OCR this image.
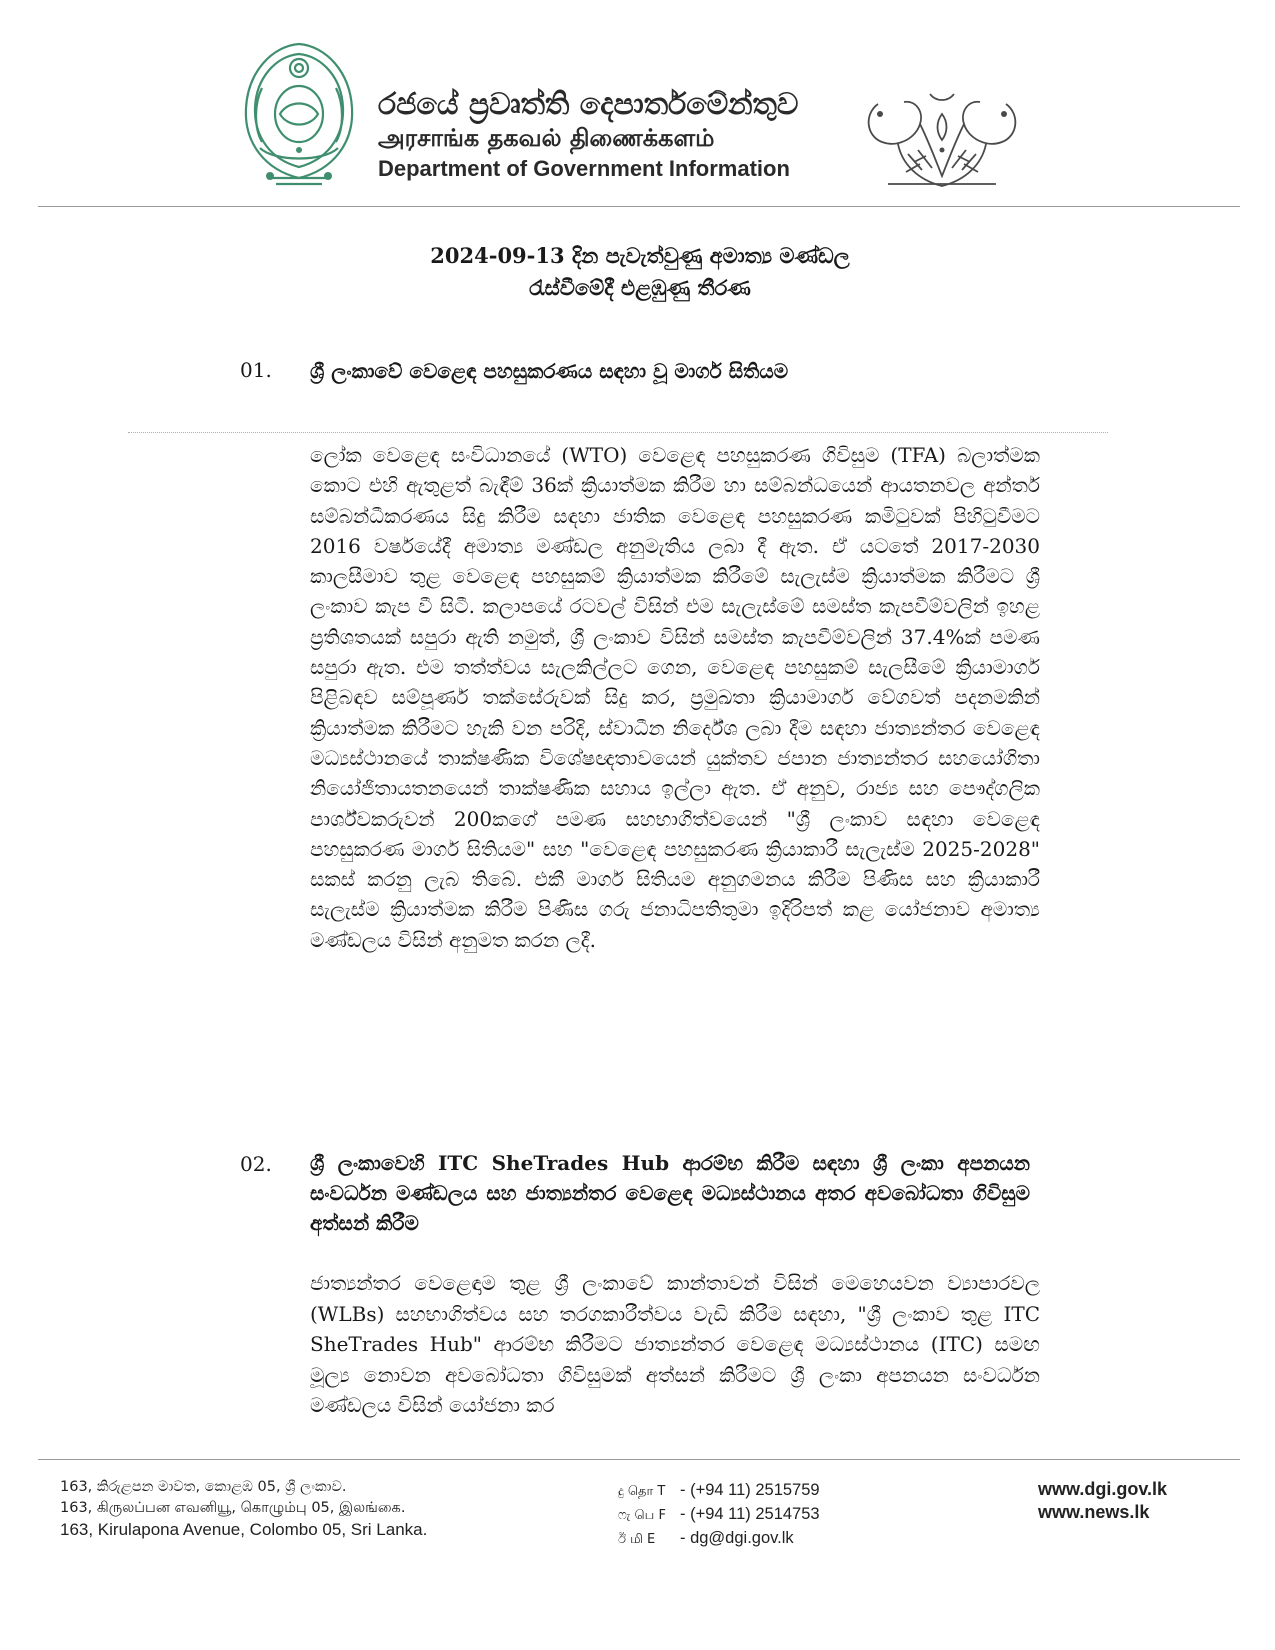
රජයේ ප්‍රවෘත්ති දෙපාර්තමේන්තුව
அரசாங்க தகவல் திணைக்களம்
Department of Government Information
2024-09-13 දින පැවැත්වුණු අමාත්‍ය මණ්ඩල
රැස්වීමේදී එළඹුණු තීරණ
01. ශ්‍රී ලංකාවේ වෙළෙඳ පහසුකරණය සඳහා වූ මාර්ග සිතියම
ලෝක වෙළෙඳ සංවිධානයේ (WTO) වෙළෙඳ පහසුකරණ ගිවිසුම (TFA) බලාත්මක කොට එහි ඇතුළත් බැඳීම් 36ක් ක්‍රියාත්මක කිරීම හා සම්බන්ධයෙන් ආයතනවල අන්තර් සම්බන්ධීකරණය සිදු කිරීම සඳහා ජාතික වෙළෙඳ පහසුකරණ කමිටුවක් පිහිටුවීමට 2016 වර්ෂයේදී අමාත්‍ය මණ්ඩල අනුමැතිය ලබා දී ඇත. ඒ යටතේ 2017-2030 කාලසීමාව තුළ වෙළෙඳ පහසුකම් ක්‍රියාත්මක කිරීමේ සැලැස්ම ක්‍රියාත්මක කිරීමට ශ්‍රී ලංකාව කැප වී සිටී. කලාපයේ රටවල් විසින් එම සැලැස්මේ සමස්ත කැපවීම්වලින් ඉහළ ප්‍රතිශතයක් සපුරා ඇති නමුත්, ශ්‍රී ලංකාව විසින් සමස්ත කැපවීම්වලින් 37.4%ක් පමණ සපුරා ඇත. එම තත්ත්වය සැලකිල්ලට ගෙන, වෙළෙඳ පහසුකම් සැලසීමේ ක්‍රියාමාර්ග පිළිබඳව සම්පූර්ණ තක්සේරුවක් සිදු කර, ප්‍රමුඛතා ක්‍රියාමාර්ග වේගවත් පදනමකින් ක්‍රියාත්මක කිරීමට හැකි වන පරිදි, ස්වාධීන නිර්දේශ ලබා දීම සඳහා ජාත්‍යන්තර වෙළෙඳ මධ්‍යස්ථානයේ තාක්ෂණික විශේෂඥතාවයෙන් යුක්තව ජපාන ජාත්‍යන්තර සහයෝගිතා නියෝජිතායතනයෙන් තාක්ෂණික සහාය ඉල්ලා ඇත. ඒ අනුව, රාජ්‍ය සහ පෞද්ගලික පාර්ශ්වකරුවන් 200කගේ පමණ සහභාගිත්වයෙන් "ශ්‍රී ලංකාව සඳහා වෙළෙඳ පහසුකරණ මාර්ග සිතියම" සහ "වෙළෙඳ පහසුකරණ ක්‍රියාකාරී සැලැස්ම 2025-2028" සකස් කරනු ලැබ තිබේ. එකී මාර්ග සිතියම අනුගමනය කිරීම පිණිස සහ ක්‍රියාකාරී සැලැස්ම ක්‍රියාත්මක කිරීම පිණිස ගරු ජනාධිපතිතුමා ඉදිරිපත් කළ යෝජනාව අමාත්‍ය මණ්ඩලය විසින් අනුමත කරන ලදී.
02. ශ්‍රී ලංකාවෙහි ITC SheTrades Hub ආරම්භ කිරීම සඳහා ශ්‍රී ලංකා අපනයන සංවර්ධන මණ්ඩලය සහ ජාත්‍යන්තර වෙළෙඳ මධ්‍යස්ථානය අතර අවබෝධතා ගිවිසුම අත්සන් කිරීම
ජාත්‍යන්තර වෙළෙඳාම තුළ ශ්‍රී ලංකාවේ කාන්තාවන් විසින් මෙහෙයවන ව්‍යාපාරවල (WLBs) සහභාගිත්වය සහ තරගකාරීත්වය වැඩි කිරීම සඳහා, "ශ්‍රී ලංකාව තුළ ITC SheTrades Hub" ආරම්භ කිරීමට ජාත්‍යන්තර වෙළෙඳ මධ්‍යස්ථානය (ITC) සමඟ මූල්‍ය නොවන අවබෝධතා ගිවිසුමක් අත්සන් කිරීමට ශ්‍රී ලංකා අපනයන සංවර්ධන මණ්ඩලය විසින් යෝජනා කර
163, කිරුළපන මාවත, කොළඹ 05, ශ්‍රී ලංකාව.
163, கிருலப்பன எவனியூ, கொழும்பு 05, இலங்கை.
163, Kirulapona Avenue, Colombo 05, Sri Lanka.
දු தொ T - (+94 11) 2515759
ෆැ பெ F - (+94 11) 2514753
ඊ மி E - dg@dgi.gov.lk
www.dgi.gov.lk
www.news.lk
